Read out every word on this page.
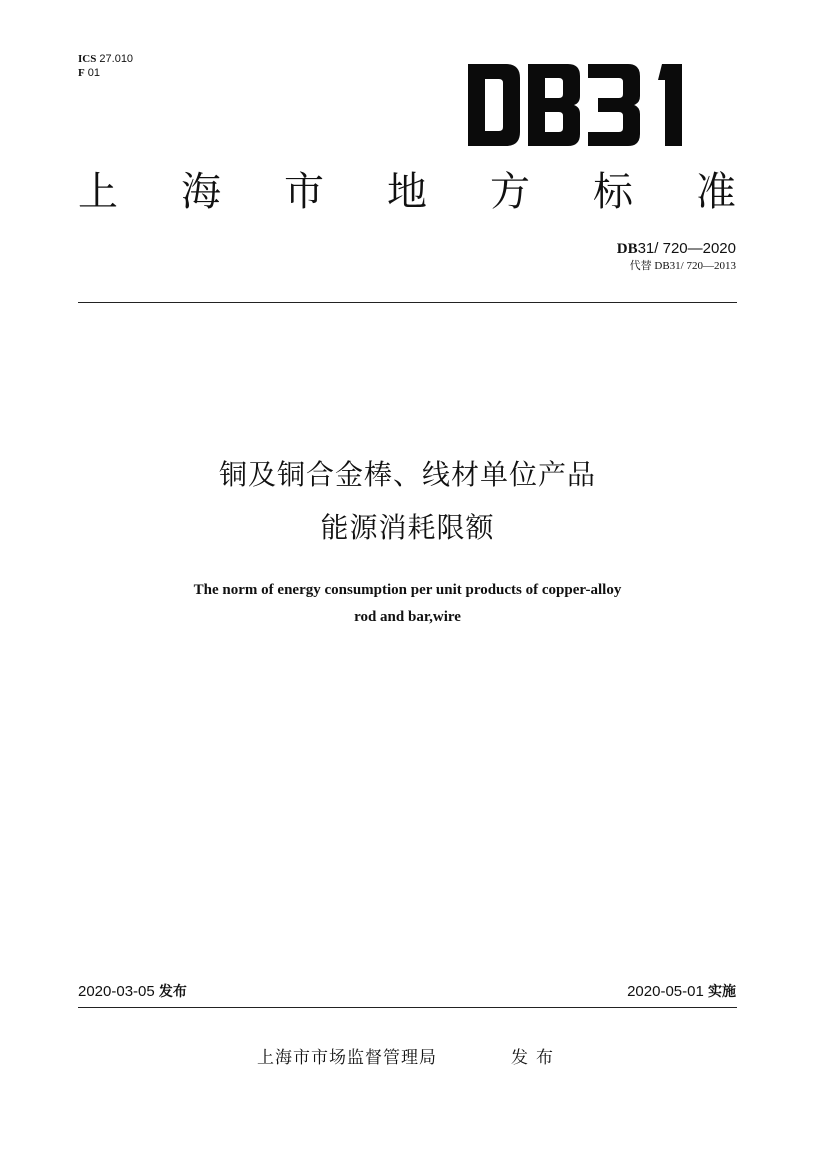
ICS 27.010
F 01
上 海 市 地 方 标 准
DB31/ 720—2020
代替 DB31/ 720—2013
铜及铜合金棒、线材单位产品
能源消耗限额
The norm of energy consumption per unit products of copper-alloy
rod and bar,wire
2020-03-05 发布	2020-05-01 实施
上海市市场监督管理局	发布
